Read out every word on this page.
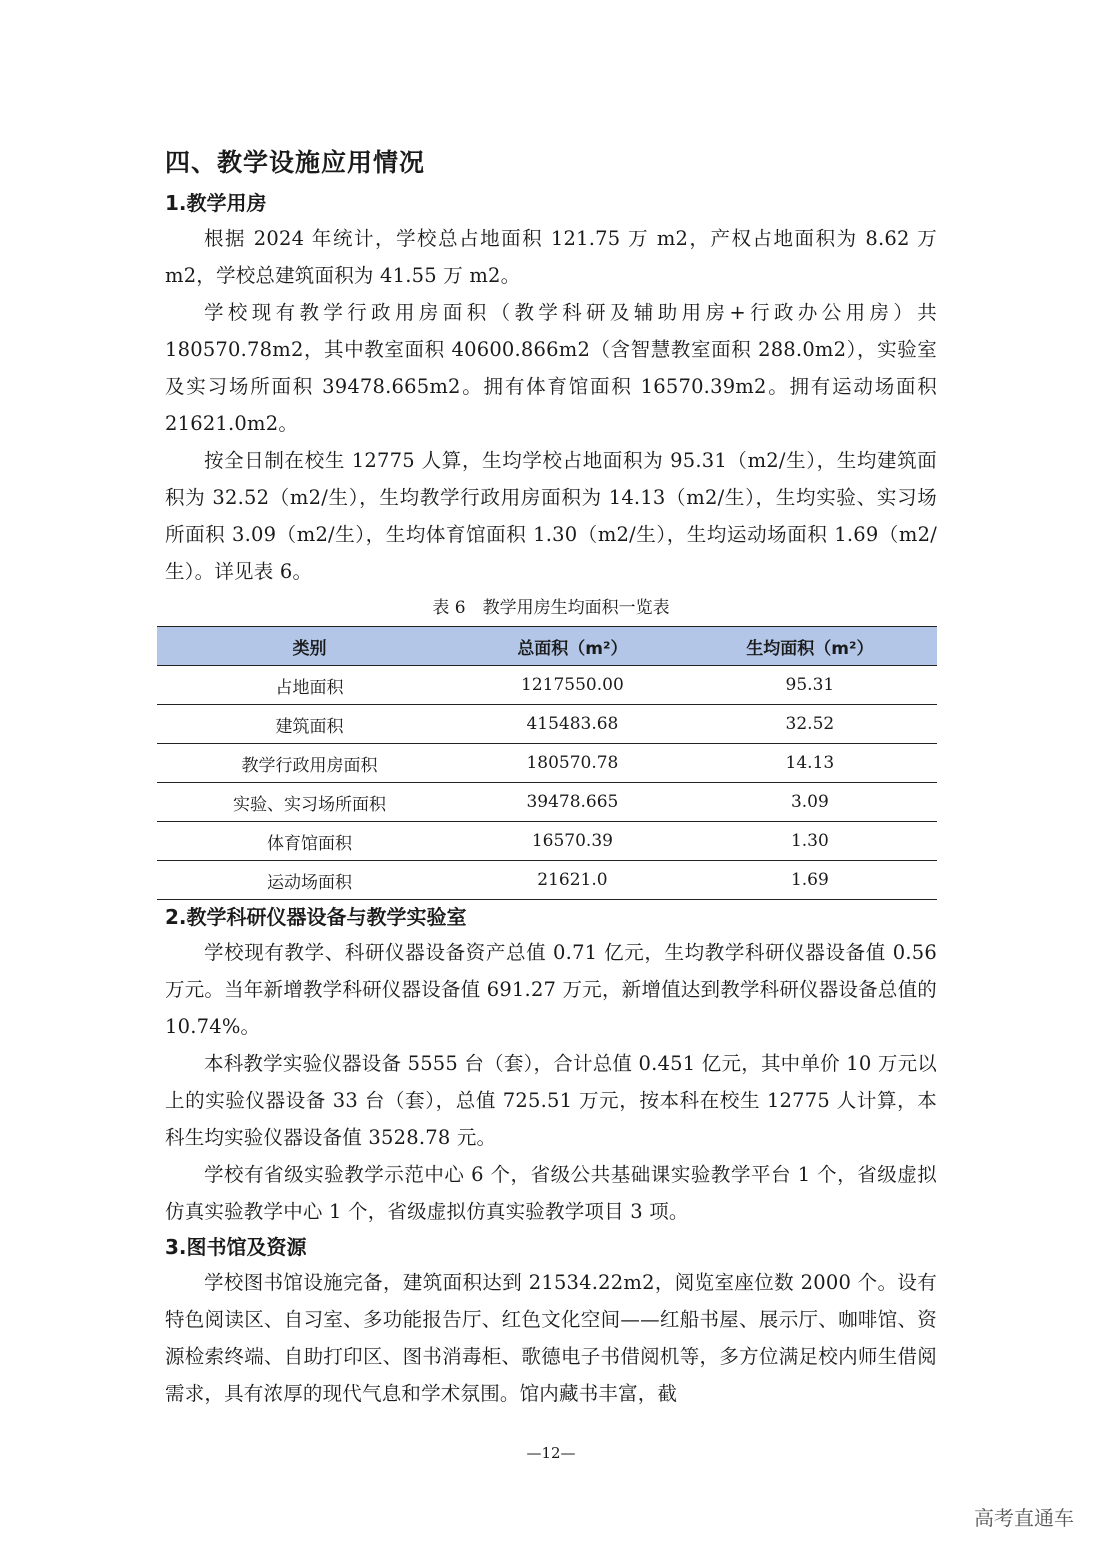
四、教学设施应用情况
1.教学用房

根据 2024 年统计，学校总占地面积 121.75 万 m2，产权占地面积为 8.62 万 m2，学校总建筑面积为 41.55 万 m2。

学校现有教学行政用房面积（教学科研及辅助用房+行政办公用房）共 180570.78m2，其中教室面积 40600.866m2（含智慧教室面积 288.0m2），实验室及实习场所面积 39478.665m2。拥有体育馆面积 16570.39m2。拥有运动场面积 21621.0m2。

按全日制在校生 12775 人算，生均学校占地面积为 95.31（m2/生），生均建筑面积为 32.52（m2/生），生均教学行政用房面积为 14.13（m2/生），生均实验、实习场所面积 3.09（m2/生），生均体育馆面积 1.30（m2/生），生均运动场面积 1.69（m2/生）。详见表 6。

表 6　教学用房生均面积一览表

类别	总面积（m²）	生均面积（m²）
占地面积	1217550.00	95.31
建筑面积	415483.68	32.52
教学行政用房面积	180570.78	14.13
实验、实习场所面积	39478.665	3.09
体育馆面积	16570.39	1.30
运动场面积	21621.0	1.69
2.教学科研仪器设备与教学实验室

学校现有教学、科研仪器设备资产总值 0.71 亿元，生均教学科研仪器设备值 0.56 万元。当年新增教学科研仪器设备值 691.27 万元，新增值达到教学科研仪器设备总值的 10.74%。

本科教学实验仪器设备 5555 台（套），合计总值 0.451 亿元，其中单价 10 万元以上的实验仪器设备 33 台（套），总值 725.51 万元，按本科在校生 12775 人计算，本科生均实验仪器设备值 3528.78 元。

学校有省级实验教学示范中心 6 个，省级公共基础课实验教学平台 1 个，省级虚拟仿真实验教学中心 1 个，省级虚拟仿真实验教学项目 3 项。

3.图书馆及资源

学校图书馆设施完备，建筑面积达到 21534.22m2，阅览室座位数 2000 个。设有特色阅读区、自习室、多功能报告厅、红色文化空间——红船书屋、展示厅、咖啡馆、资源检索终端、自助打印区、图书消毒柜、歌德电子书借阅机等，多方位满足校内师生借阅需求，具有浓厚的现代气息和学术氛围。馆内藏书丰富，截

—12—
高考直通车
